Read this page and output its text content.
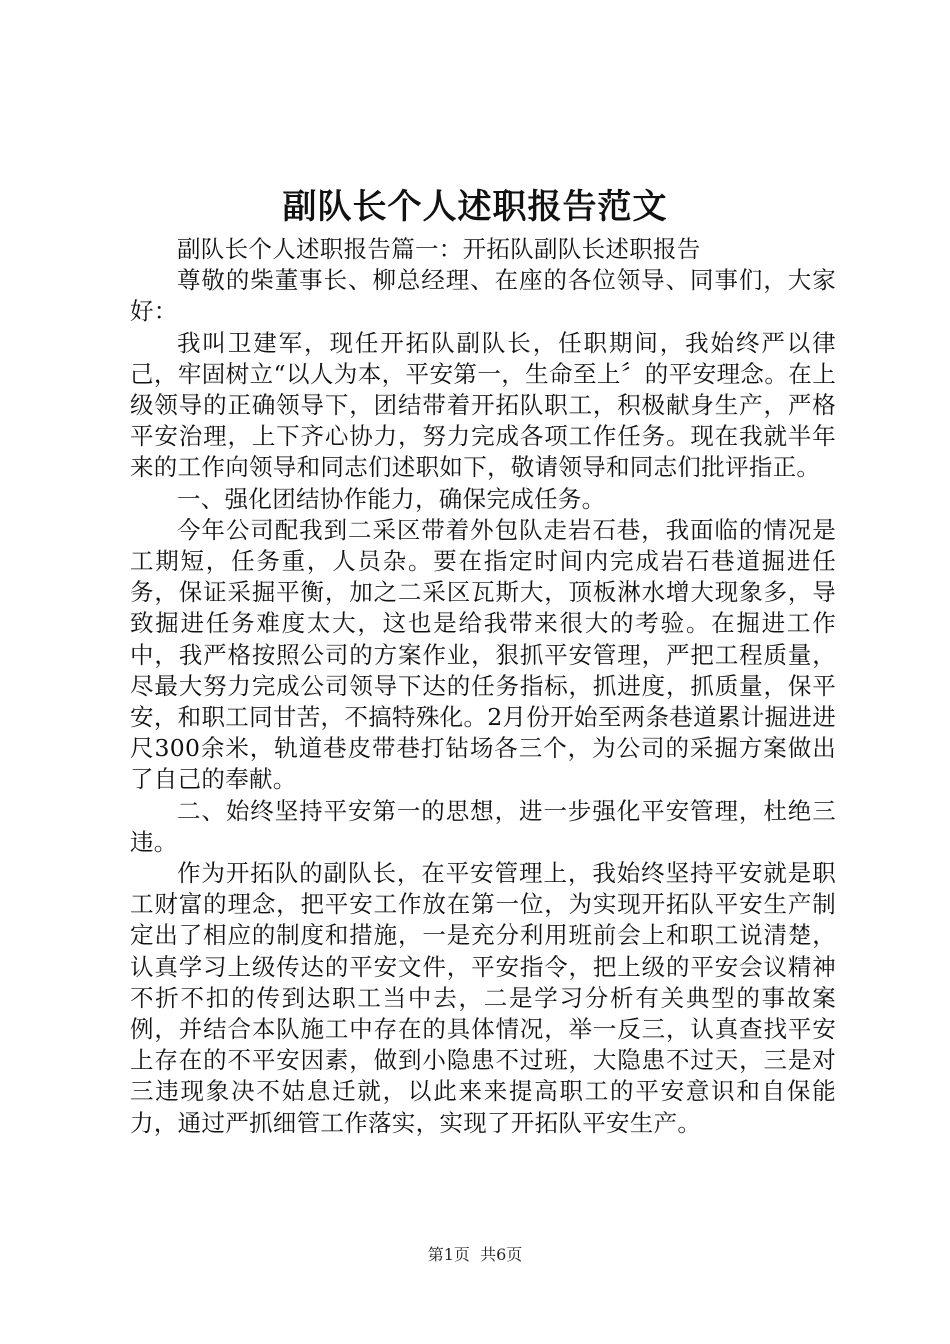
副队长个人述职报告范文

副队长个人述职报告篇一：开拓队副队长述职报告

尊敬的柴董事长、柳总经理、在座的各位领导、同事们，大家好：

我叫卫建军，现任开拓队副队长，任职期间，我始终严以律己，牢固树立“以人为本，平安第一，生命至上〞的平安理念。在上级领导的正确领导下，团结带着开拓队职工，积极献身生产，严格平安治理，上下齐心协力，努力完成各项工作任务。现在我就半年来的工作向领导和同志们述职如下，敬请领导和同志们批评指正。

一、强化团结协作能力，确保完成任务。

今年公司配我到二采区带着外包队走岩石巷，我面临的情况是工期短，任务重，人员杂。要在指定时间内完成岩石巷道掘进任务，保证采掘平衡，加之二采区瓦斯大，顶板淋水增大现象多，导致掘进任务难度太大，这也是给我带来很大的考验。在掘进工作中，我严格按照公司的方案作业，狠抓平安管理，严把工程质量，尽最大努力完成公司领导下达的任务指标，抓进度，抓质量，保平安，和职工同甘苦，不搞特殊化。2月份开始至两条巷道累计掘进进尺300余米，轨道巷皮带巷打钻场各三个，为公司的采掘方案做出了自己的奉献。

二、始终坚持平安第一的思想，进一步强化平安管理，杜绝三违。

作为开拓队的副队长，在平安管理上，我始终坚持平安就是职工财富的理念，把平安工作放在第一位，为实现开拓队平安生产制定出了相应的制度和措施，一是充分利用班前会上和职工说清楚，认真学习上级传达的平安文件，平安指令，把上级的平安会议精神不折不扣的传到达职工当中去，二是学习分析有关典型的事故案例，并结合本队施工中存在的具体情况，举一反三，认真查找平安上存在的不平安因素，做到小隐患不过班，大隐患不过天，三是对三违现象决不姑息迁就，以此来来提高职工的平安意识和自保能力，通过严抓细管工作落实，实现了开拓队平安生产。

第1页 共6页
